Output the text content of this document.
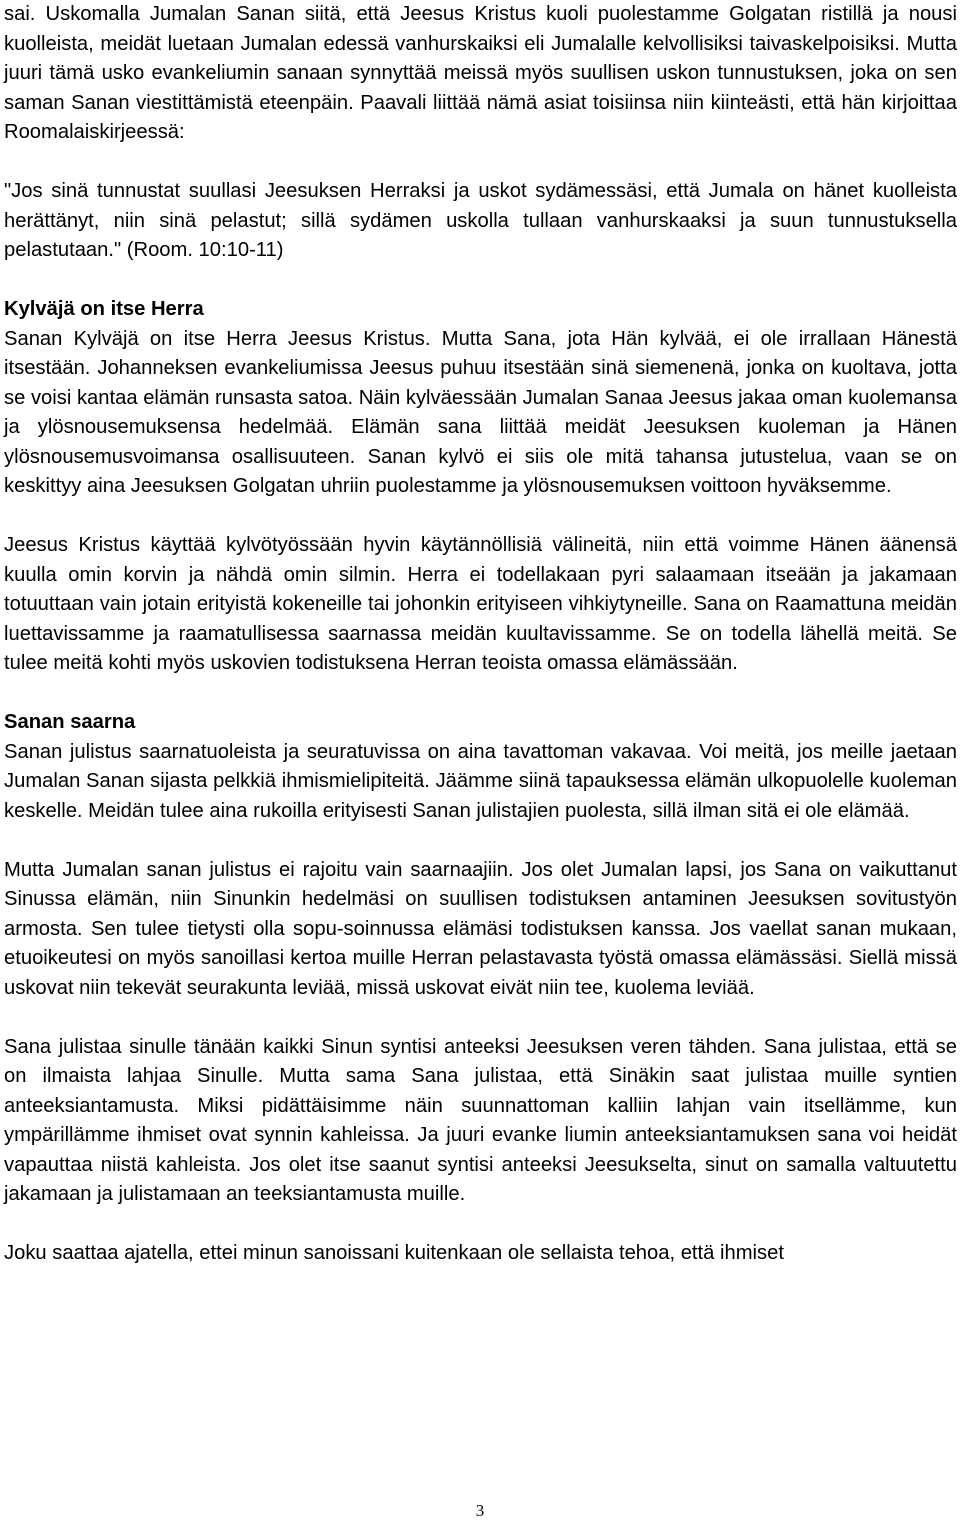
sai. Uskomalla Jumalan Sanan siitä, että Jeesus Kristus kuoli puolestamme Golgatan ristillä ja nousi kuolleista, meidät luetaan Jumalan edessä vanhurskaiksi eli Jumalalle kelvollisiksi taivaskelpoisiksi. Mutta juuri tämä usko evankeliumin sanaan synnyttää meissä myös suullisen uskon tunnustuksen, joka on sen saman Sanan viestittämistä eteenpäin. Paavali liittää nämä asiat toisiinsa niin kiinteästi, että hän kirjoittaa Roomalaiskirjeessä:

"Jos sinä tunnustat suullasi Jeesuksen Herraksi ja uskot sydämessäsi, että Jumala on hänet kuolleista herättänyt, niin sinä pelastut; sillä sydämen uskolla tullaan vanhurskaaksi ja suun tunnustuksella pelastutaan." (Room. 10:10-11)

Kylväjä on itse Herra

Sanan Kylväjä on itse Herra Jeesus Kristus. Mutta Sana, jota Hän kylvää, ei ole irrallaan Hänestä itsestään. Johanneksen evankeliumissa Jeesus puhuu itsestään sinä siemenenä, jonka on kuoltava, jotta se voisi kantaa elämän runsasta satoa. Näin kylväessään Jumalan Sanaa Jeesus jakaa oman kuolemansa ja ylösnousemuksensa hedelmää. Elämän sana liittää meidät Jeesuksen kuoleman ja Hänen ylösnousemusvoimansa osallisuuteen. Sanan kylvö ei siis ole mitä tahansa jutustelua, vaan se on keskittyy aina Jeesuksen Golgatan uhriin puolestamme ja ylösnousemuksen voittoon hyväksemme.

Jeesus Kristus käyttää kylvötyössään hyvin käytännöllisiä välineitä, niin että voimme Hänen äänensä kuulla omin korvin ja nähdä omin silmin. Herra ei todellakaan pyri salaamaan itseään ja jakamaan totuuttaan vain jotain erityistä kokeneille tai johonkin erityiseen vihkiytyneille. Sana on Raamattuna meidän luettavissamme ja raamatullisessa saarnassa meidän kuultavissamme. Se on todella lähellä meitä. Se tulee meitä kohti myös uskovien todistuksena Herran teoista omassa elämässään.

Sanan saarna

Sanan julistus saarnatuoleista ja seuratuvissa on aina tavattoman vakavaa. Voi meitä, jos meille jaetaan Jumalan Sanan sijasta pelkkiä ihmismielipiteitä. Jäämme siinä tapauksessa elämän ulkopuolelle kuoleman keskelle. Meidän tulee aina rukoilla erityisesti Sanan julistajien puolesta, sillä ilman sitä ei ole elämää.

Mutta Jumalan sanan julistus ei rajoitu vain saarnaajiin. Jos olet Jumalan lapsi, jos Sana on vaikuttanut Sinussa elämän, niin Sinunkin hedelmäsi on suullisen todistuksen antaminen Jeesuksen sovitustyön armosta. Sen tulee tietysti olla sopu-soinnussa elämäsi todistuksen kanssa. Jos vaellat sanan mukaan, etuoikeutesi on myös sanoillasi kertoa muille Herran pelastavasta työstä omassa elämässäsi. Siellä missä uskovat niin tekevät seurakunta leviää, missä uskovat eivät niin tee, kuolema leviää.

Sana julistaa sinulle tänään kaikki Sinun syntisi anteeksi Jeesuksen veren tähden. Sana julistaa, että se on ilmaista lahjaa Sinulle. Mutta sama Sana julistaa, että Sinäkin saat julistaa muille syntien anteeksiantamusta. Miksi pidättäisimme näin suunnattoman kalliin lahjan vain itsellämme, kun ympärillämme ihmiset ovat synnin kahleissa. Ja juuri evanke liumin anteeksiantamuksen sana voi heidät vapauttaa niistä kahleista. Jos olet itse saanut syntisi anteeksi Jeesukselta, sinut on samalla valtuutettu jakamaan ja julistamaan an teeksiantamusta muille.

Joku saattaa ajatella, ettei minun sanoissani kuitenkaan ole sellaista tehoa, että ihmiset

3
